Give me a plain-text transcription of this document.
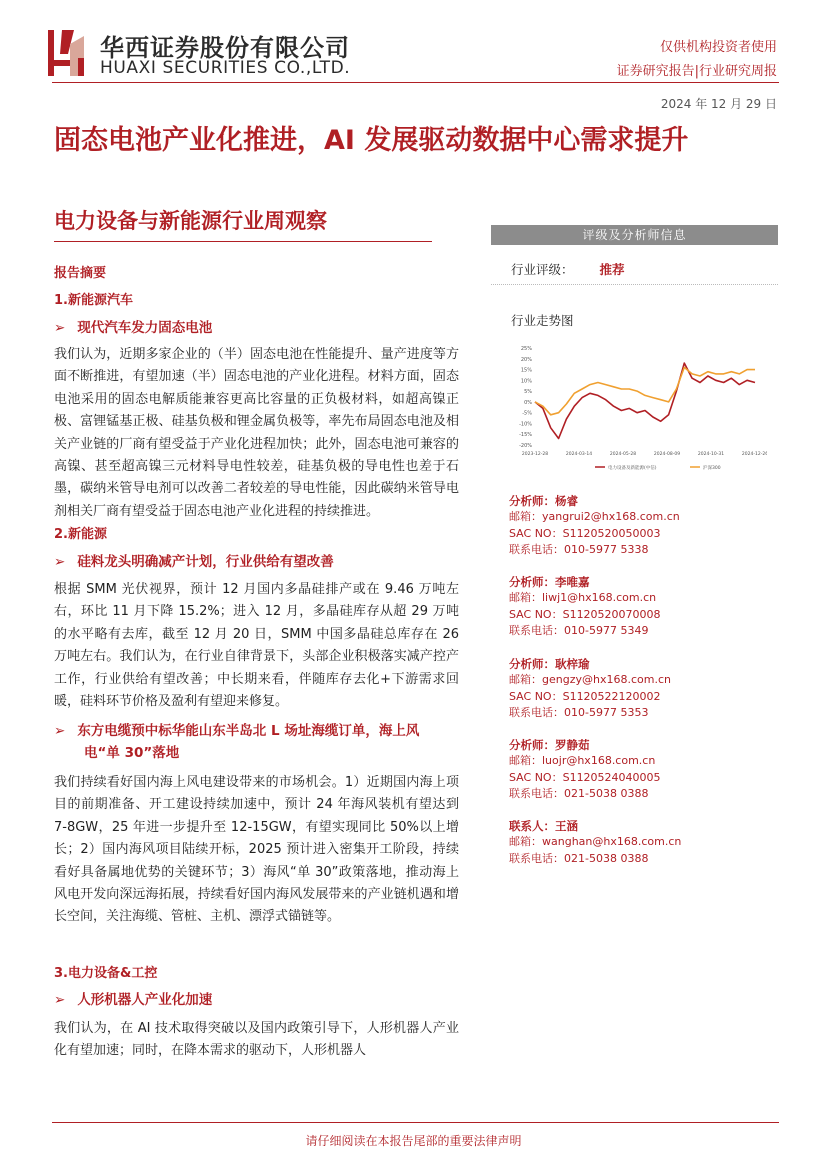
华西证券股份有限公司
HUAXI SECURITIES CO.,LTD.
仅供机构投资者使用
证券研究报告|行业研究周报
2024 年 12 月 29 日
固态电池产业化推进，AI 发展驱动数据中心需求提升
电力设备与新能源行业周观察
报告摘要
1.新能源汽车
➢ 现代汽车发力固态电池
我们认为，近期多家企业的（半）固态电池在性能提升、量产进度等方面不断推进，有望加速（半）固态电池的产业化进程。材料方面，固态电池采用的固态电解质能兼容更高比容量的正负极材料，如超高镍正极、富锂锰基正极、硅基负极和锂金属负极等，率先布局固态电池及相关产业链的厂商有望受益于产业化进程加快；此外，固态电池可兼容的高镍、甚至超高镍三元材料导电性较差，硅基负极的导电性也差于石墨，碳纳米管导电剂可以改善二者较差的导电性能，因此碳纳米管导电剂相关厂商有望受益于固态电池产业化进程的持续推进。
2.新能源
➢ 硅料龙头明确减产计划，行业供给有望改善
根据 SMM 光伏视界，预计 12 月国内多晶硅排产或在 9.46 万吨左右，环比 11 月下降 15.2%；进入 12 月，多晶硅库存从超 29 万吨的水平略有去库，截至 12 月 20 日，SMM 中国多晶硅总库存在 26 万吨左右。我们认为，在行业自律背景下，头部企业积极落实减产控产工作，行业供给有望改善；中长期来看，伴随库存去化+下游需求回暖，硅料环节价格及盈利有望迎来修复。
➢ 东方电缆预中标华能山东半岛北 L 场址海缆订单，海上风
电“单 30”落地
我们持续看好国内海上风电建设带来的市场机会。1）近期国内海上项目的前期准备、开工建设持续加速中，预计 24 年海风装机有望达到 7-8GW，25 年进一步提升至 12-15GW，有望实现同比 50%以上增长；2）国内海风项目陆续开标，2025 预计进入密集开工阶段，持续看好具备属地优势的关键环节；3）海风“单 30”政策落地，推动海上风电开发向深远海拓展，持续看好国内海风发展带来的产业链机遇和增长空间，关注海缆、管桩、主机、漂浮式锚链等。
3.电力设备&工控
➢ 人形机器人产业化加速
我们认为，在 AI 技术取得突破以及国内政策引导下，人形机器人产业化有望加速；同时，在降本需求的驱动下，人形机器人
评级及分析师信息
行业评级： 推荐
行业走势图
25%
20%
15%
10%
5%
0%
-5%
-10%
-15%
-20%
2023-12-28	2024-03-14	2024-05-28	2024-08-09	2024-10-31	2024-12-26
电力设备及新能源(中信)	沪深300
分析师：杨睿
邮箱：yangrui2@hx168.com.cn
SAC NO：S1120520050003
联系电话：010-5977 5338
分析师：李唯嘉
邮箱：liwj1@hx168.com.cn
SAC NO：S1120520070008
联系电话：010-5977 5349
分析师：耿梓瑜
邮箱：gengzy@hx168.com.cn
SAC NO：S1120522120002
联系电话：010-5977 5353
分析师：罗静茹
邮箱：luojr@hx168.com.cn
SAC NO：S1120524040005
联系电话：021-5038 0388
联系人：王涵
邮箱：wanghan@hx168.com.cn
联系电话：021-5038 0388
请仔细阅读在本报告尾部的重要法律声明
